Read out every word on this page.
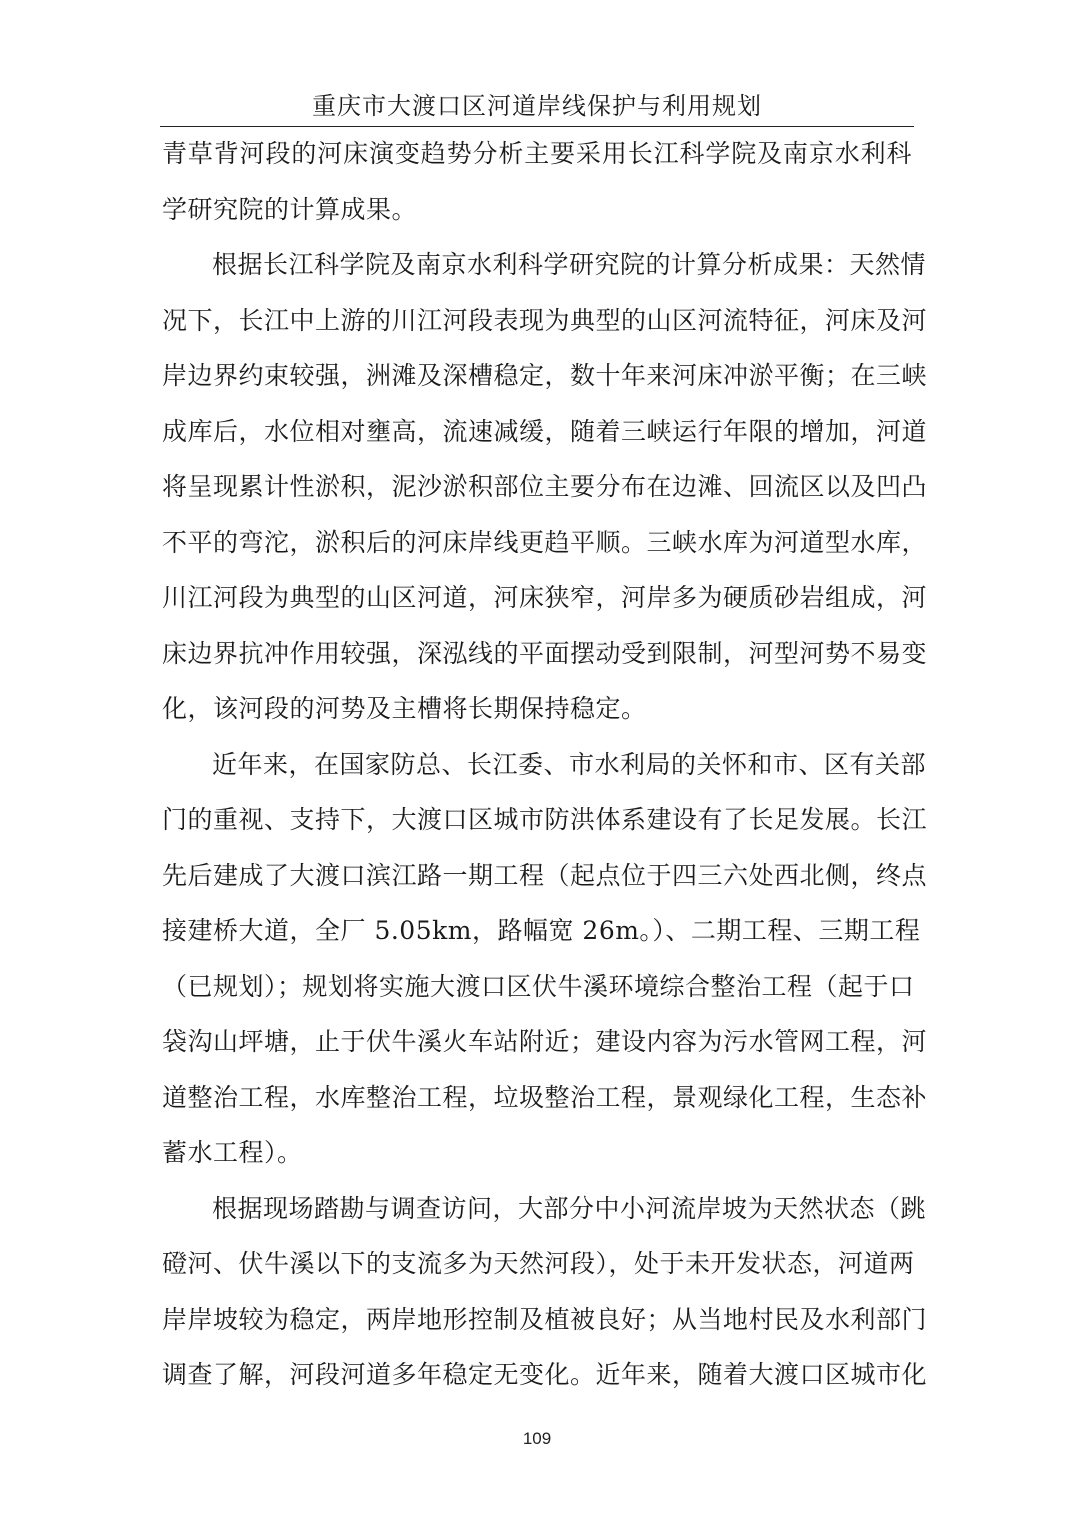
重庆市大渡口区河道岸线保护与利用规划
青草背河段的河床演变趋势分析主要采用长江科学院及南京水利科
学研究院的计算成果。
根据长江科学院及南京水利科学研究院的计算分析成果：天然情
况下，长江中上游的川江河段表现为典型的山区河流特征，河床及河
岸边界约束较强，洲滩及深槽稳定，数十年来河床冲淤平衡；在三峡
成库后，水位相对壅高，流速减缓，随着三峡运行年限的增加，河道
将呈现累计性淤积，泥沙淤积部位主要分布在边滩、回流区以及凹凸
不平的弯沱，淤积后的河床岸线更趋平顺。三峡水库为河道型水库，
川江河段为典型的山区河道，河床狭窄，河岸多为硬质砂岩组成，河
床边界抗冲作用较强，深泓线的平面摆动受到限制，河型河势不易变
化，该河段的河势及主槽将长期保持稳定。
近年来，在国家防总、长江委、市水利局的关怀和市、区有关部
门的重视、支持下，大渡口区城市防洪体系建设有了长足发展。长江
先后建成了大渡口滨江路一期工程（起点位于四三六处西北侧，终点
接建桥大道，全厂 5.05km，路幅宽 26m。）、二期工程、三期工程
（已规划）；规划将实施大渡口区伏牛溪环境综合整治工程（起于口
袋沟山坪塘，止于伏牛溪火车站附近；建设内容为污水管网工程，河
道整治工程，水库整治工程，垃圾整治工程，景观绿化工程，生态补
蓄水工程）。
根据现场踏勘与调查访问，大部分中小河流岸坡为天然状态（跳
磴河、伏牛溪以下的支流多为天然河段），处于未开发状态，河道两
岸岸坡较为稳定，两岸地形控制及植被良好；从当地村民及水利部门
调查了解，河段河道多年稳定无变化。近年来，随着大渡口区城市化
109
